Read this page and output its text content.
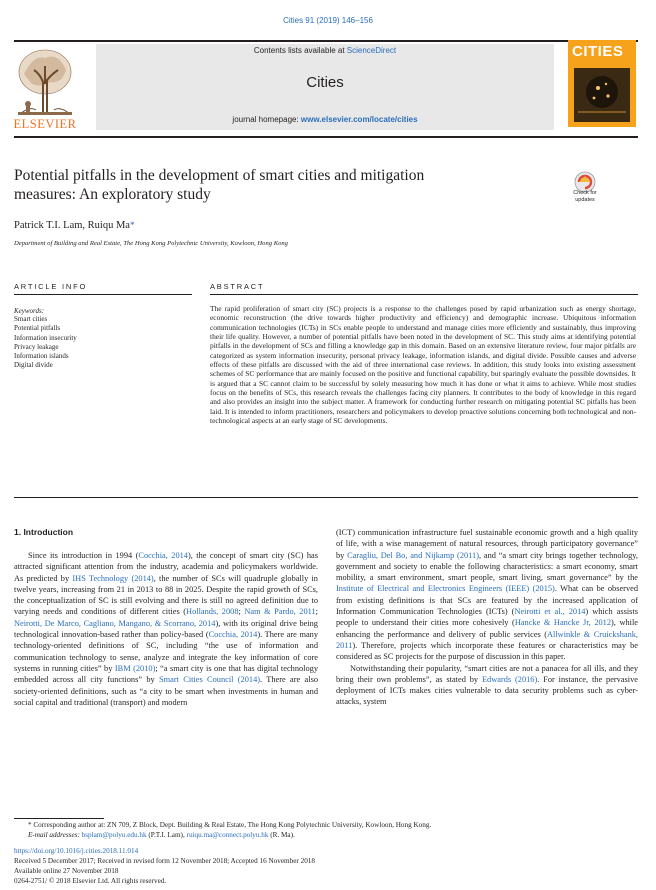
Cities 91 (2019) 146–156
ELSEVIER
Contents lists available at ScienceDirect
Cities
journal homepage: www.elsevier.com/locate/cities
CITIES
Potential pitfalls in the development of smart cities and mitigation
measures: An exploratory study
Patrick T.I. Lam, Ruiqu Ma*
Department of Building and Real Estate, The Hong Kong Polytechnic University, Kowloon, Hong Kong
Check for
updates
ARTICLE INFO
Keywords:
Smart cities
Potential pitfalls
Information insecurity
Privacy leakage
Information islands
Digital divide
ABSTRACT

The rapid proliferation of smart city (SC) projects is a response to the challenges posed by rapid urbanization such as energy shortage, economic reconstruction (the drive towards higher productivity and efficiency) and demographic increase. Ubiquitous information communication technologies (ICTs) in SCs enable people to understand and manage cities more efficiently and sustainably, thus improving their life quality. However, a number of potential pitfalls have been noted in the development of SC. This study aims at identifying potential pitfalls in the development of SCs and filling a knowledge gap in this domain. Based on an extensive literature review, four major pitfalls are categorized as system information insecurity, personal privacy leakage, information islands, and digital divide. Possible causes and adverse effects of these pitfalls are discussed with the aid of three international case reviews. In addition, this study looks into existing assessment schemes of SC performance that are mainly focused on the positive and functional capability, but sparingly evaluate the possible downsides. It is argued that a SC cannot claim to be successful by solely measuring how much it has done or what it aims to achieve. While most studies focus on the benefits of SCs, this research reveals the challenges facing city planners. It contributes to the body of knowledge in this regard and also provides an insight into the subject matter. A framework for conducting further research on mitigating potential SC pitfalls has been laid. It is intended to inform practitioners, researchers and policymakers to develop proactive solutions concerning both technological and non-technological aspects at an early stage of SC developments.

1. Introduction

Since its introduction in 1994 (Cocchia, 2014), the concept of smart city (SC) has attracted significant attention from the industry, academia and policymakers worldwide. As predicted by IHS Technology (2014), the number of SCs will quadruple globally in twelve years, increasing from 21 in 2013 to 88 in 2025. Despite the rapid growth of SCs, the conceptualization of SC is still evolving and there is still no agreed definition due to varying needs and conditions of different cities (Hollands, 2008; Nam & Pardo, 2011; Neirotti, De Marco, Cagliano, Mangano, & Scorrano, 2014), with its original drive being technological innovation-based rather than policy-based (Cocchia, 2014). There are many technology-oriented definitions of SC, including “the use of information and communication technology to sense, analyze and integrate the key information of core systems in running cities” by IBM (2010); “a smart city is one that has digital technology embedded across all city functions” by Smart Cities Council (2014). There are also society-oriented definitions, such as “a city to be smart when investments in human and social capital and traditional (transport) and modern

(ICT) communication infrastructure fuel sustainable economic growth and a high quality of life, with a wise management of natural resources, through participatory governance” by Caragliu, Del Bo, and Nijkamp (2011), and “a smart city brings together technology, government and society to enable the following characteristics: a smart economy, smart mobility, a smart environment, smart people, smart living, smart governance” by the Institute of Electrical and Electronics Engineers (IEEE) (2015). What can be observed from existing definitions is that SCs are featured by the increased application of Information Communication Technologies (ICTs) (Neirotti et al., 2014) which assists people to understand their cities more cohesively (Hancke & Hancke Jr, 2012), while enhancing the performance and delivery of public services (Allwinkle & Cruickshank, 2011). Therefore, projects which incorporate these features or characteristics may be considered as SC projects for the purpose of discussion in this paper.

Notwithstanding their popularity, “smart cities are not a panacea for all ills, and they bring their own problems”, as stated by Edwards (2016). For instance, the pervasive deployment of ICTs makes cities vulnerable to data security problems such as cyber-attacks, system

* Corresponding author at: ZN 709, Z Block, Dept. Building & Real Estate, The Hong Kong Polytechnic University, Kowloon, Hong Kong.
E-mail addresses: bsplam@polyu.edu.hk (P.T.I. Lam), ruiqu.ma@connect.polyu.hk (R. Ma).
https://doi.org/10.1016/j.cities.2018.11.014
Received 5 December 2017; Received in revised form 12 November 2018; Accepted 16 November 2018
Available online 27 November 2018
0264-2751/ © 2018 Elsevier Ltd. All rights reserved.
